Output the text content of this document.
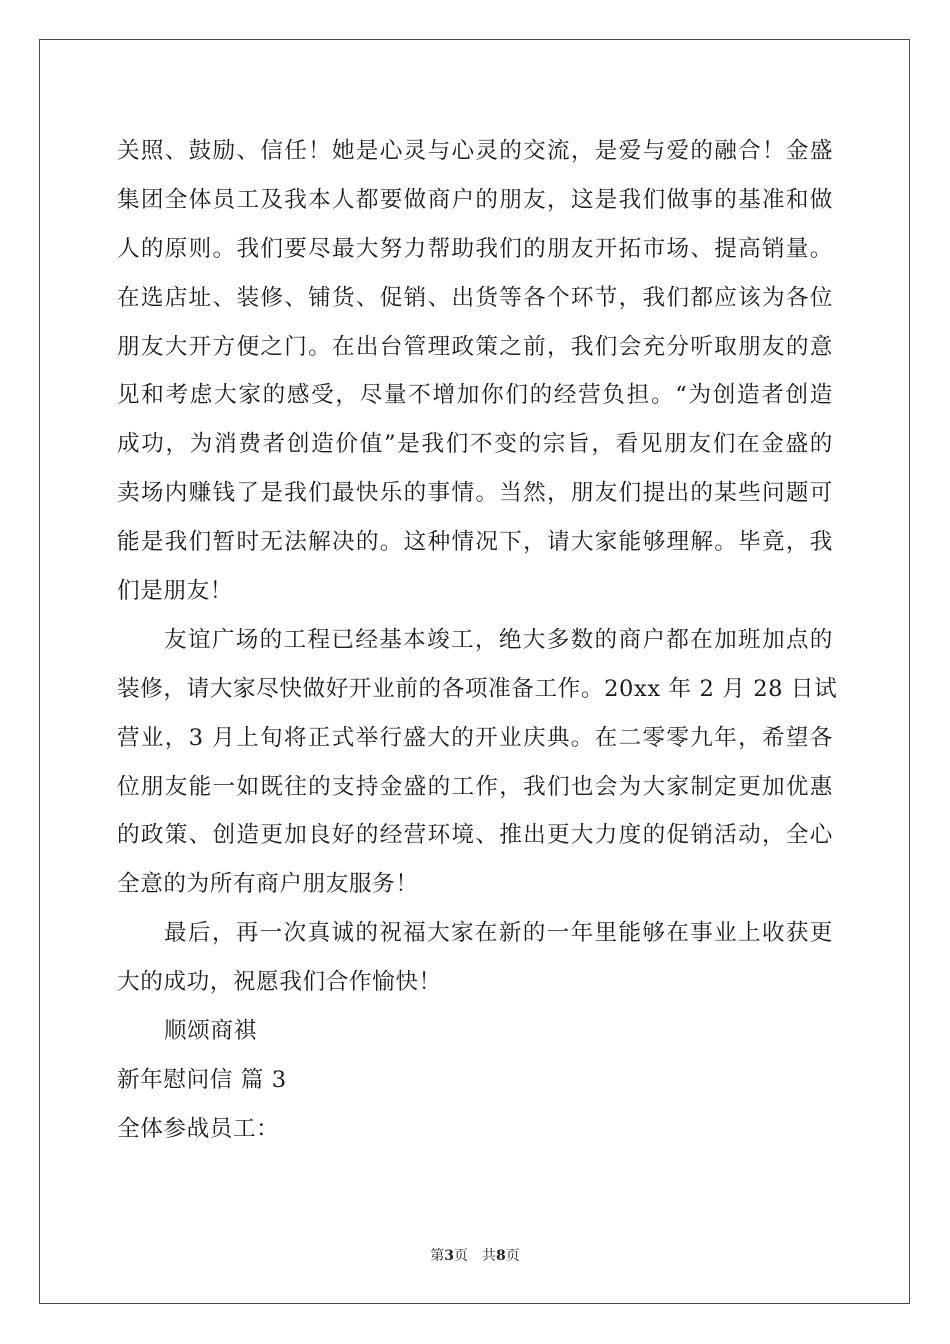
关照、鼓励、信任！她是心灵与心灵的交流，是爱与爱的融合！金盛
集团全体员工及我本人都要做商户的朋友，这是我们做事的基准和做
人的原则。我们要尽最大努力帮助我们的朋友开拓市场、提高销量。
在选店址、装修、铺货、促销、出货等各个环节，我们都应该为各位
朋友大开方便之门。在出台管理政策之前，我们会充分听取朋友的意
见和考虑大家的感受，尽量不增加你们的经营负担。“为创造者创造
成功，为消费者创造价值”是我们不变的宗旨，看见朋友们在金盛的
卖场内赚钱了是我们最快乐的事情。当然，朋友们提出的某些问题可
能是我们暂时无法解决的。这种情况下，请大家能够理解。毕竟，我
们是朋友！
友谊广场的工程已经基本竣工，绝大多数的商户都在加班加点的
装修，请大家尽快做好开业前的各项准备工作。20xx 年 2 月 28 日试
营业，3 月上旬将正式举行盛大的开业庆典。在二零零九年，希望各
位朋友能一如既往的支持金盛的工作，我们也会为大家制定更加优惠
的政策、创造更加良好的经营环境、推出更大力度的促销活动，全心
全意的为所有商户朋友服务！
最后，再一次真诚的祝福大家在新的一年里能够在事业上收获更
大的成功，祝愿我们合作愉快！
顺颂商祺
新年慰问信 篇 3
全体参战员工：
第3页　共8页
